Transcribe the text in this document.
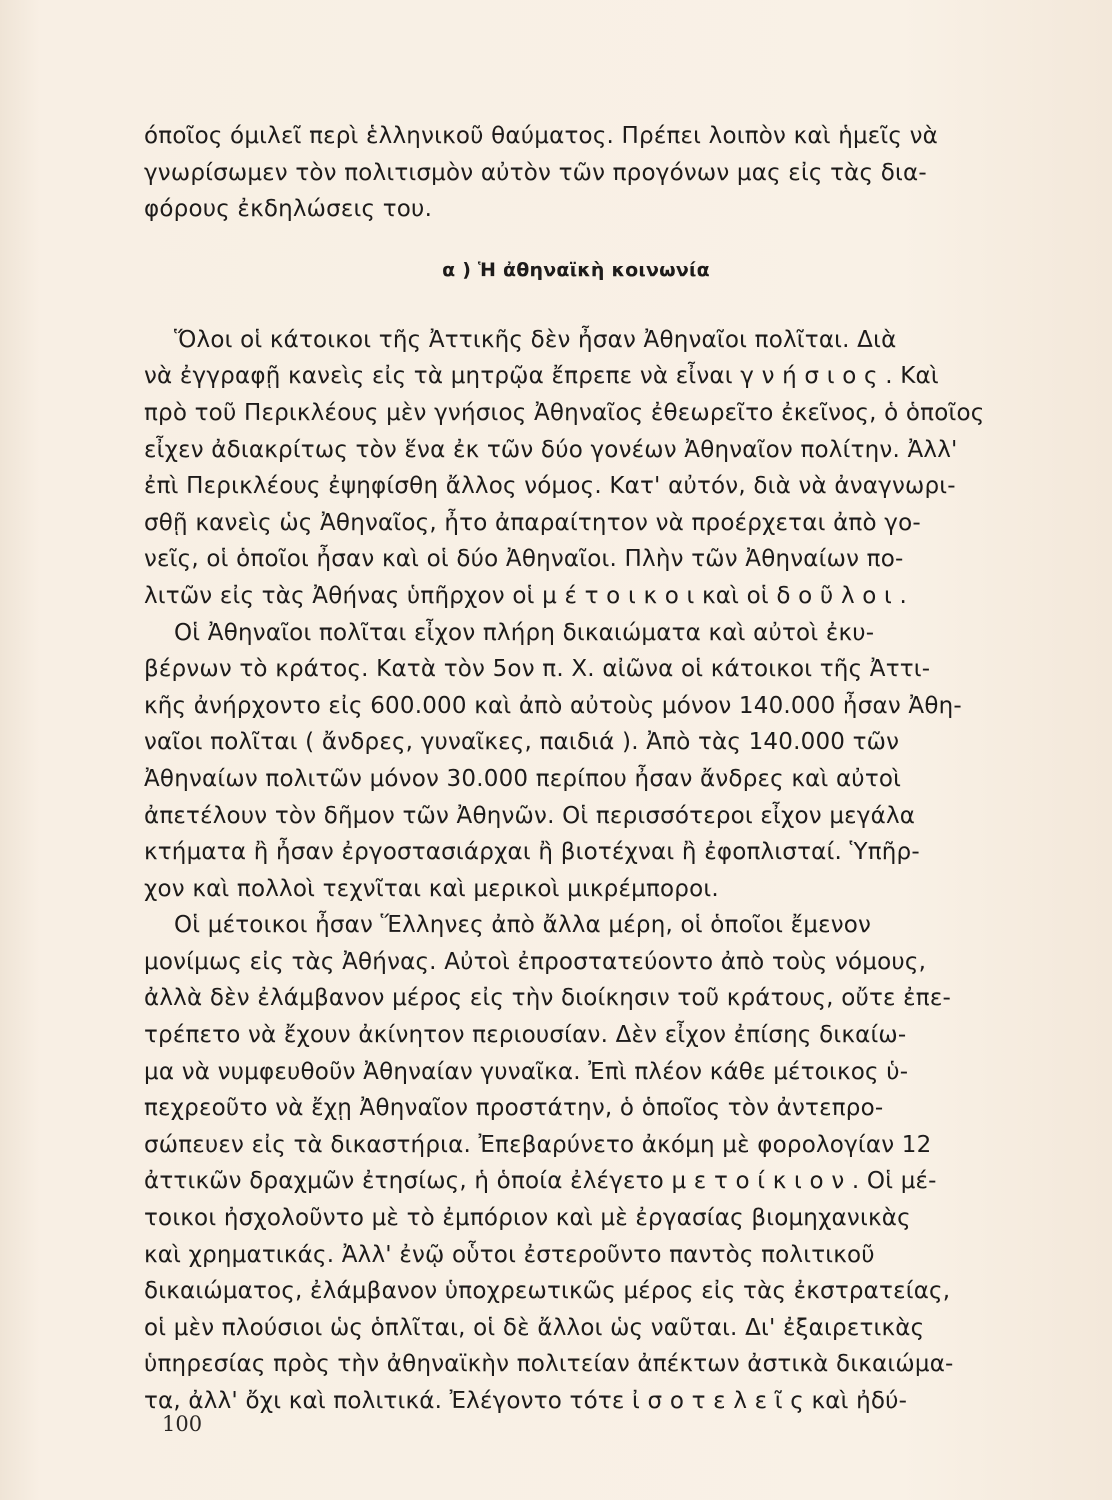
όποῖος όμιλεῖ περὶ ἑλληνικοῦ θαύματος. Πρέπει λοιπὸν καὶ ἡμεῖς νὰ
γνωρίσωμεν τὸν πολιτισμὸν αὐτὸν τῶν προγόνων μας εἰς τὰς δια-
φόρους ἐκδηλώσεις του.
α ) Ἡ ἀθηναϊκὴ κοινωνία
Ὅλοι οἱ κάτοικοι τῆς Ἀττικῆς δὲν ἦσαν Ἀθηναῖοι πολῖται. Διὰ
νὰ ἐγγραφῇ κανεὶς εἰς τὰ μητρῷα ἔπρεπε νὰ εἶναι γ ν ή σ ι ο ς . Καὶ
πρὸ τοῦ Περικλέους μὲν γνήσιος Ἀθηναῖος ἐθεωρεῖτο ἐκεῖνος, ὁ ὁποῖος
εἶχεν ἀδιακρίτως τὸν ἕνα ἐκ τῶν δύο γονέων Ἀθηναῖον πολίτην. Ἀλλ'
ἐπὶ Περικλέους ἐψηφίσθη ἄλλος νόμος. Κατ' αὐτόν, διὰ νὰ ἀναγνωρι-
σθῇ κανεὶς ὡς Ἀθηναῖος, ἦτο ἀπαραίτητον νὰ προέρχεται ἀπὸ γο-
νεῖς, οἱ ὁποῖοι ἦσαν καὶ οἱ δύο Ἀθηναῖοι. Πλὴν τῶν Ἀθηναίων πο-
λιτῶν εἰς τὰς Ἀθήνας ὑπῆρχον οἱ μ έ τ ο ι κ ο ι καὶ οἱ δ ο ῦ λ ο ι .
Οἱ Ἀθηναῖοι πολῖται εἶχον πλήρη δικαιώματα καὶ αὐτοὶ ἐκυ-
βέρνων τὸ κράτος. Κατὰ τὸν 5ον π. Χ. αἰῶνα οἱ κάτοικοι τῆς Ἀττι-
κῆς ἀνήρχοντο εἰς 600.000 καὶ ἀπὸ αὐτοὺς μόνον 140.000 ἦσαν Ἀθη-
ναῖοι πολῖται ( ἄνδρες, γυναῖκες, παιδιά ). Ἀπὸ τὰς 140.000 τῶν
Ἀθηναίων πολιτῶν μόνον 30.000 περίπου ἦσαν ἄνδρες καὶ αὐτοὶ
ἀπετέλουν τὸν δῆμον τῶν Ἀθηνῶν. Οἱ περισσότεροι εἶχον μεγάλα
κτήματα ἢ ἦσαν ἐργοστασιάρχαι ἢ βιοτέχναι ἢ ἐφοπλισταί. Ὑπῆρ-
χον καὶ πολλοὶ τεχνῖται καὶ μερικοὶ μικρέμποροι.
Οἱ μέτοικοι ἦσαν Ἕλληνες ἀπὸ ἄλλα μέρη, οἱ ὁποῖοι ἔμενον
μονίμως εἰς τὰς Ἀθήνας. Αὐτοὶ ἐπροστατεύοντο ἀπὸ τοὺς νόμους,
ἀλλὰ δὲν ἐλάμβανον μέρος εἰς τὴν διοίκησιν τοῦ κράτους, οὔτε ἐπε-
τρέπετο νὰ ἔχουν ἀκίνητον περιουσίαν. Δὲν εἶχον ἐπίσης δικαίω-
μα νὰ νυμφευθοῦν Ἀθηναίαν γυναῖκα. Ἐπὶ πλέον κάθε μέτοικος ὑ-
πεχρεοῦτο νὰ ἔχῃ Ἀθηναῖον προστάτην, ὁ ὁποῖος τὸν ἀντεπρο-
σώπευεν εἰς τὰ δικαστήρια. Ἐπεβαρύνετο ἀκόμη μὲ φορολογίαν 12
ἀττικῶν δραχμῶν ἐτησίως, ἡ ὁποία ἐλέγετο μ ε τ ο ί κ ι ο ν . Οἱ μέ-
τοικοι ἠσχολοῦντο μὲ τὸ ἐμπόριον καὶ μὲ ἐργασίας βιομηχανικὰς
καὶ χρηματικάς. Ἀλλ' ἐνῷ οὗτοι ἐστεροῦντο παντὸς πολιτικοῦ
δικαιώματος, ἐλάμβανον ὑποχρεωτικῶς μέρος εἰς τὰς ἐκστρατείας,
οἱ μὲν πλούσιοι ὡς ὁπλῖται, οἱ δὲ ἄλλοι ὡς ναῦται. Δι' ἐξαιρετικὰς
ὑπηρεσίας πρὸς τὴν ἀθηναϊκὴν πολιτείαν ἀπέκτων ἀστικὰ δικαιώμα-
τα, ἀλλ' ὄχι καὶ πολιτικά. Ἐλέγοντο τότε ἰ σ ο τ ε λ ε ῖ ς καὶ ἠδύ-
100
